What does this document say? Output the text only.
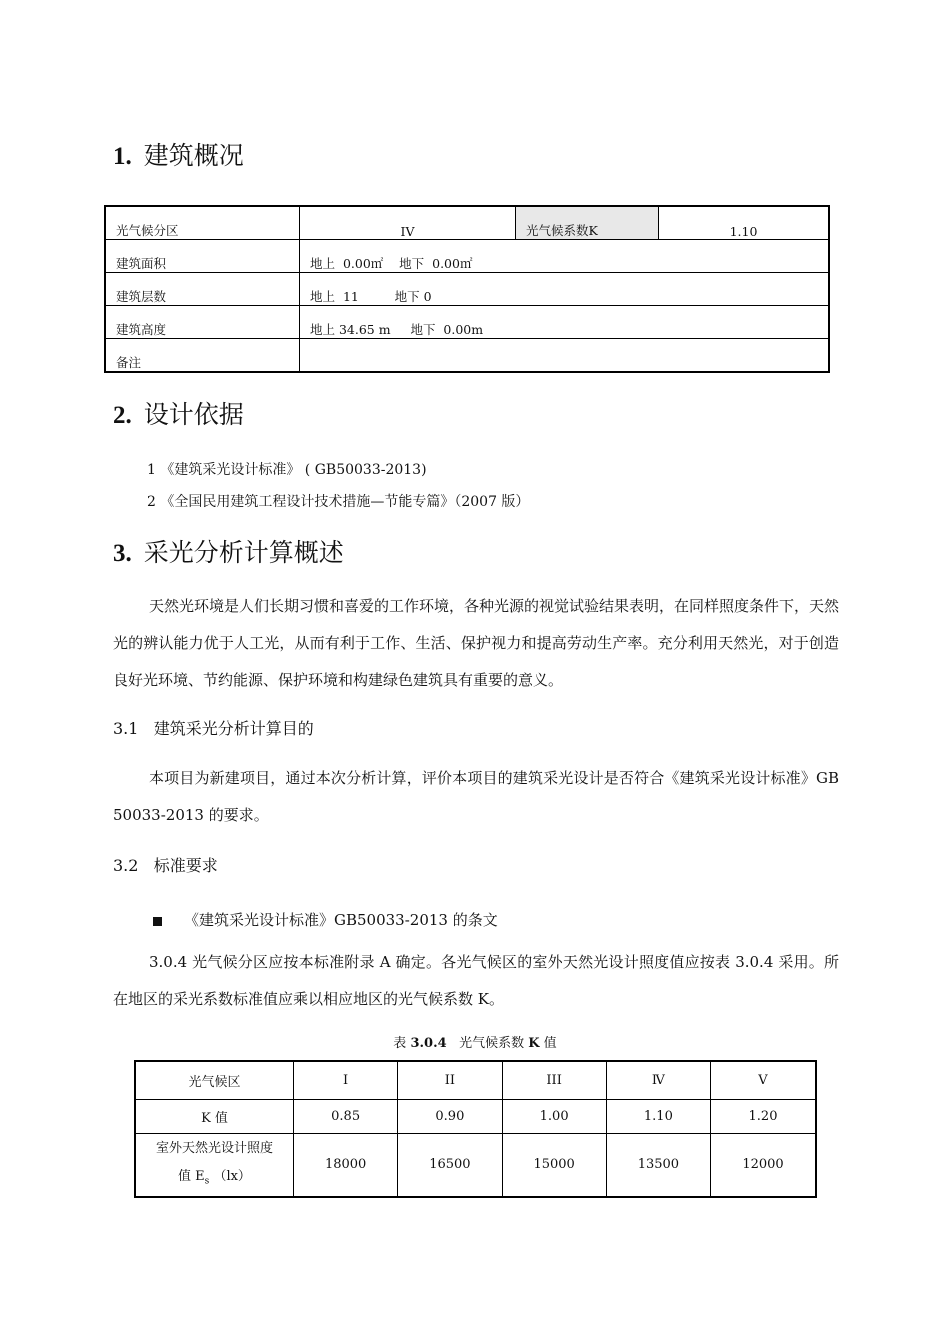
1. 建筑概况
光气候分区	IV	光气候系数K	1.10
建筑面积	地上  0.00㎡    地下  0.00㎡		
建筑层数	地上  11         地下 0		
建筑高度	地上 34.65 m     地下  0.00m		
备注			
2. 设计依据
1 《建筑采光设计标准》 ( GB50033-2013)
2 《全国民用建筑工程设计技术措施—节能专篇》（2007 版）
3. 采光分析计算概述
天然光环境是人们长期习惯和喜爱的工作环境，各种光源的视觉试验结果表明，在同样照度条件下，天然光的辨认能力优于人工光，从而有利于工作、生活、保护视力和提高劳动生产率。充分利用天然光，对于创造良好光环境、节约能源、保护环境和构建绿色建筑具有重要的意义。
3.1 建筑采光分析计算目的
本项目为新建项目，通过本次分析计算，评价本项目的建筑采光设计是否符合《建筑采光设计标准》GB 50033-2013 的要求。
3.2 标准要求
《建筑采光设计标准》GB50033-2013 的条文
3.0.4 光气候分区应按本标准附录 A 确定。各光气候区的室外天然光设计照度值应按表 3.0.4 采用。所在地区的采光系数标准值应乘以相应地区的光气候系数 K。
表 3.0.4 光气候系数 K 值
光气候区	I	II	III	Ⅳ	V
K 值	0.85	0.90	1.00	1.10	1.20
室外天然光设计照度
值 $E_s$ （lx）	18000	16500	15000	13500	12000
